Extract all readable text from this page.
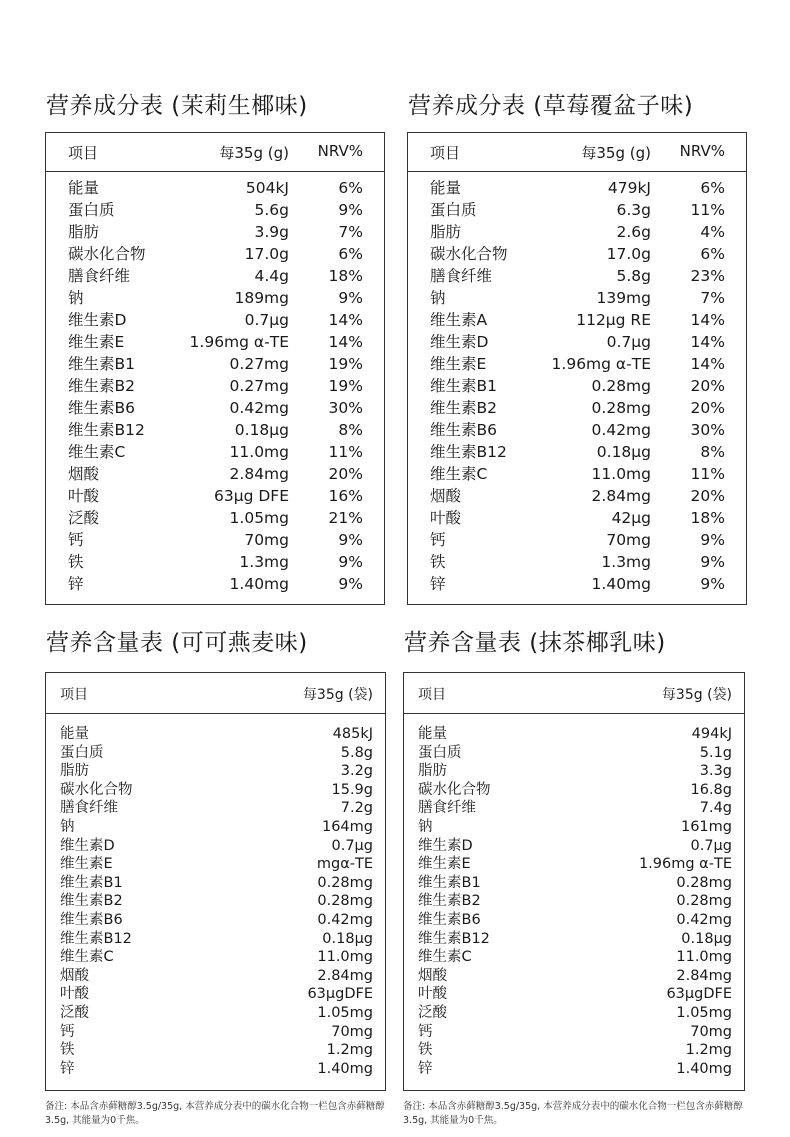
营养成分表 (茉莉生椰味)
项目	每35g (g) NRV%
能量	504kJ	6%
蛋白质	5.6g	9%
脂肪	3.9g	7%
碳水化合物	17.0g	6%
膳食纤维	4.4g	18%
钠	189mg	9%
维生素D	0.7μg	14%
维生素E	1.96mg α-TE	14%
维生素B1	0.27mg	19%
维生素B2	0.27mg	19%
维生素B6	0.42mg	30%
维生素B12	0.18μg	8%
维生素C	11.0mg	11%
烟酸	2.84mg	20%
叶酸	63μg DFE	16%
泛酸	1.05mg	21%
钙	70mg	9%
铁	1.3mg	9%
锌	1.40mg	9%
营养成分表 (草莓覆盆子味)
项目	每35g (g) NRV%
能量	479kJ	6%
蛋白质	6.3g	11%
脂肪	2.6g	4%
碳水化合物	17.0g	6%
膳食纤维	5.8g	23%
钠	139mg	7%
维生素A	112μg RE	14%
维生素D	0.7μg	14%
维生素E	1.96mg α-TE	14%
维生素B1	0.28mg	20%
维生素B2	0.28mg	20%
维生素B6	0.42mg	30%
维生素B12	0.18μg	8%
维生素C	11.0mg	11%
烟酸	2.84mg	20%
叶酸	42μg	18%
钙	70mg	9%
铁	1.3mg	9%
锌	1.40mg	9%
营养含量表 (可可燕麦味)
项目	每35g (袋)
能量	485kJ
蛋白质	5.8g
脂肪	3.2g
碳水化合物	15.9g
膳食纤维	7.2g
钠	164mg
维生素D	0.7μg
维生素E	mgα-TE
维生素B1	0.28mg
维生素B2	0.28mg
维生素B6	0.42mg
维生素B12	0.18μg
维生素C	11.0mg
烟酸	2.84mg
叶酸	63μgDFE
泛酸	1.05mg
钙	70mg
铁	1.2mg
锌	1.40mg
备注: 本品含赤藓糖醇3.5g/35g, 本营养成分表中的碳水化合物一栏包含赤藓糖醇3.5g, 其能量为0千焦。
营养含量表 (抹茶椰乳味)
项目	每35g (袋)
能量	494kJ
蛋白质	5.1g
脂肪	3.3g
碳水化合物	16.8g
膳食纤维	7.4g
钠	161mg
维生素D	0.7μg
维生素E	1.96mg α-TE
维生素B1	0.28mg
维生素B2	0.28mg
维生素B6	0.42mg
维生素B12	0.18μg
维生素C	11.0mg
烟酸	2.84mg
叶酸	63μgDFE
泛酸	1.05mg
钙	70mg
铁	1.2mg
锌	1.40mg
备注: 本品含赤藓糖醇3.5g/35g, 本营养成分表中的碳水化合物一栏包含赤藓糖醇3.5g, 其能量为0千焦。
